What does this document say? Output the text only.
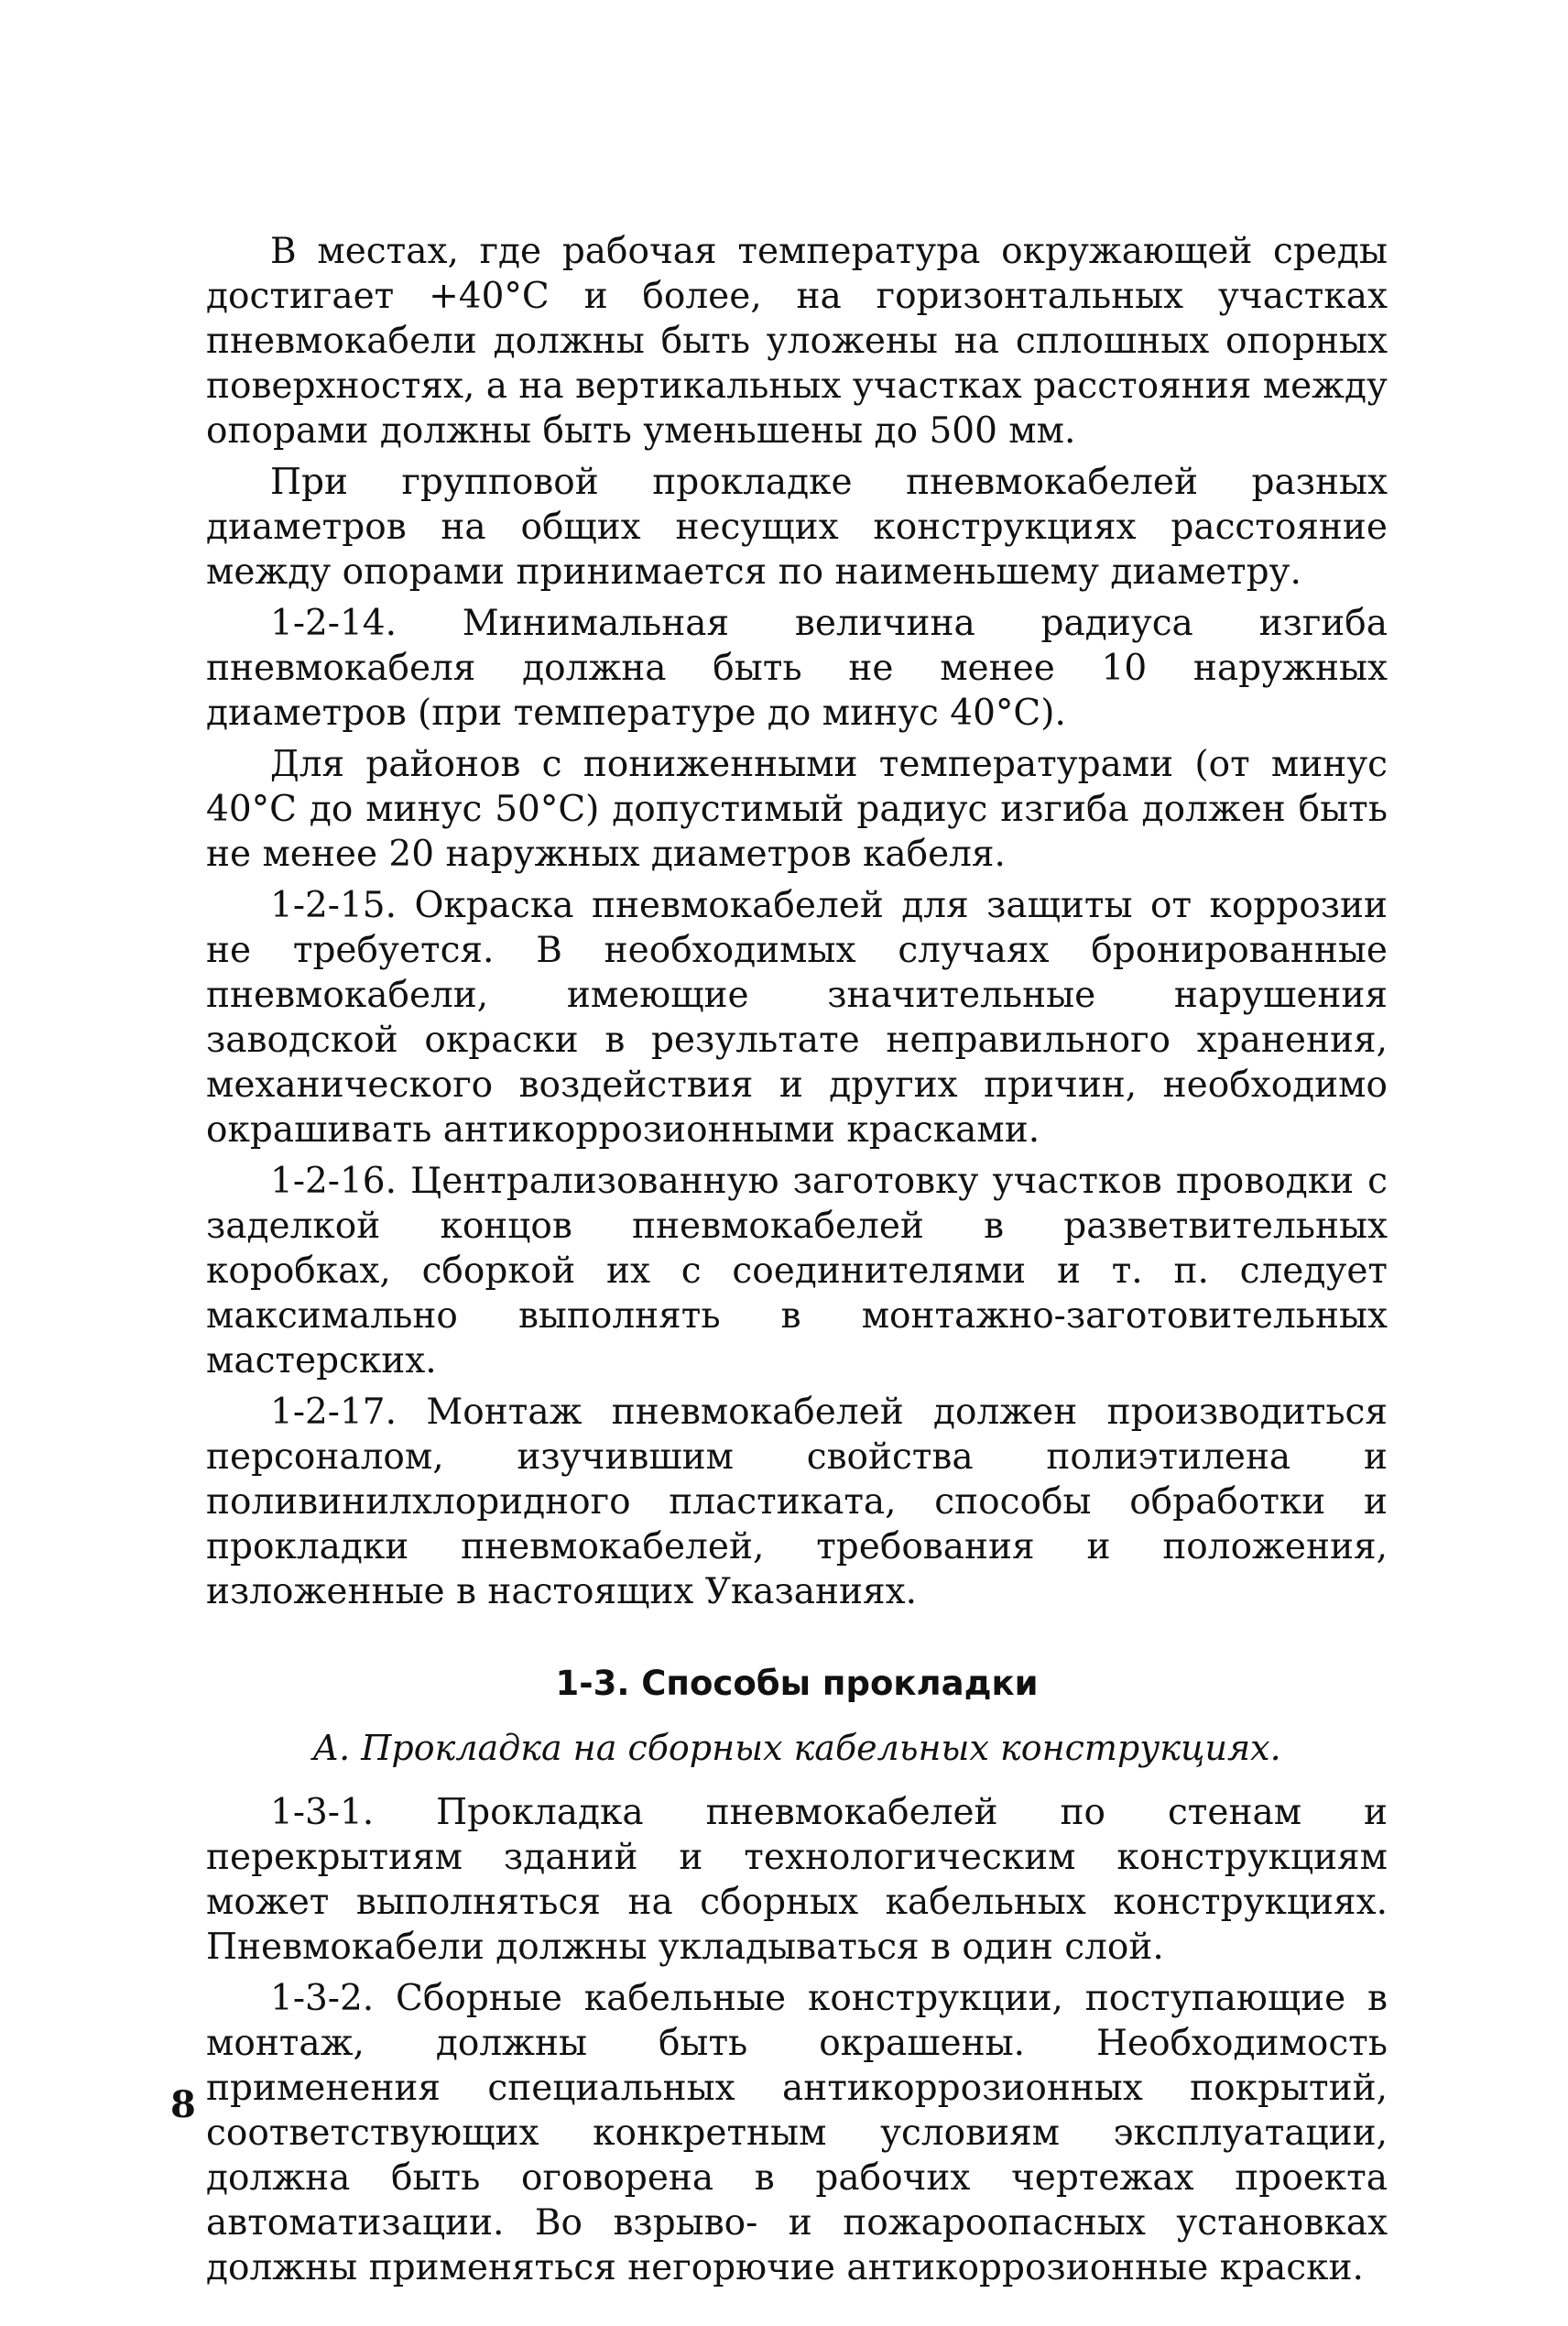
В местах, где рабочая температура окружающей среды достигает +40°С и более, на горизонтальных участках пневмокабели должны быть уложены на сплошных опорных поверхностях, а на вертикальных участках расстояния между опорами должны быть уменьшены до 500 мм.

При групповой прокладке пневмокабелей разных диаметров на общих несущих конструкциях расстояние между опорами принимается по наименьшему диаметру.

1-2-14. Минимальная величина радиуса изгиба пневмокабеля должна быть не менее 10 наружных диаметров (при температуре до минус 40°С).

Для районов с пониженными температурами (от минус 40°С до минус 50°С) допустимый радиус изгиба должен быть не менее 20 наружных диаметров кабеля.

1-2-15. Окраска пневмокабелей для защиты от коррозии не требуется. В необходимых случаях бронированные пневмокабели, имеющие значительные нарушения заводской окраски в результате неправильного хранения, механического воздействия и других причин, необходимо окрашивать антикоррозионными красками.

1-2-16. Централизованную заготовку участков проводки с заделкой концов пневмокабелей в разветвительных коробках, сборкой их с соединителями и т. п. следует максимально выполнять в монтажно-заготовительных мастерских.

1-2-17. Монтаж пневмокабелей должен производиться персоналом, изучившим свойства полиэтилена и поливинилхлоридного пластиката, способы обработки и прокладки пневмокабелей, требования и положения, изложенные в настоящих Указаниях.

1-3. Способы прокладки
А. Прокладка на сборных кабельных конструкциях.

1-3-1. Прокладка пневмокабелей по стенам и перекрытиям зданий и технологическим конструкциям может выполняться на сборных кабельных конструкциях. Пневмокабели должны укладываться в один слой.

1-3-2. Сборные кабельные конструкции, поступающие в монтаж, должны быть окрашены. Необходимость применения специальных антикоррозионных покрытий, соответствующих конкретным условиям эксплуатации, должна быть оговорена в рабочих чертежах проекта автоматизации. Во взрыво- и пожароопасных установках должны применяться негорючие антикоррозионные краски.

8
